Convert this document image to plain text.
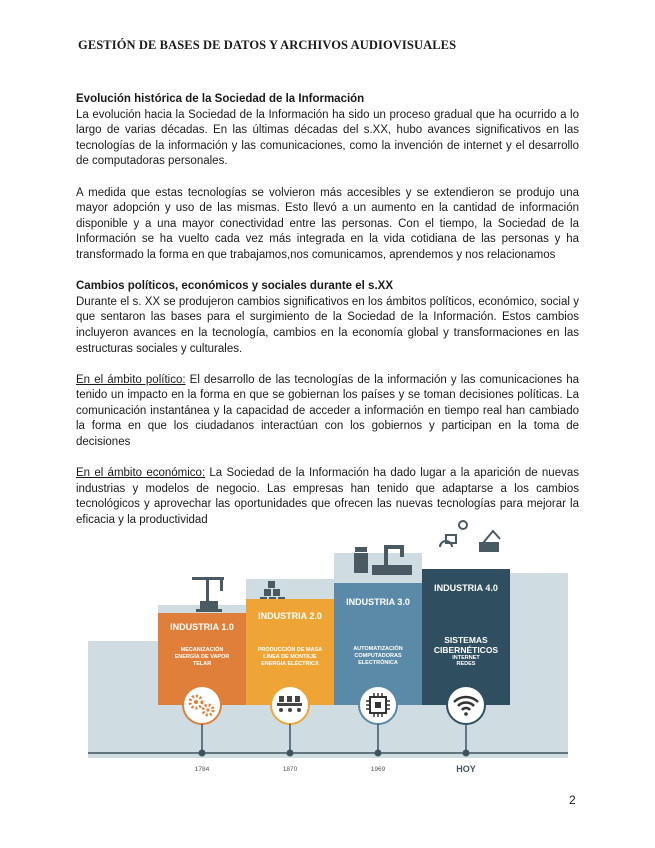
GESTIÓN DE BASES DE DATOS Y ARCHIVOS AUDIOVISUALES
Evolución histórica de la Sociedad de la Información

La evolución hacia la Sociedad de la Información ha sido un proceso gradual que ha ocurrido a lo largo de varias décadas. En las últimas décadas del s.XX, hubo avances significativos en las tecnologías de la información y las comunicaciones, como la invención de internet y el desarrollo de computadoras personales.

A medida que estas tecnologías se volvieron más accesibles y se extendieron se produjo una mayor adopción y uso de las mismas. Esto llevó a un aumento en la cantidad de información disponible y a una mayor conectividad entre las personas. Con el tiempo, la Sociedad de la Información se ha vuelto cada vez más integrada en la vida cotidiana de las personas y ha transformado la forma en que trabajamos,nos comunicamos, aprendemos y nos relacionamos

Cambios políticos, económicos y sociales durante el s.XX

Durante el s. XX se produjeron cambios significativos en los ámbitos políticos, económico, social y que sentaron las bases para el surgimiento de la Sociedad de la Información. Estos cambios incluyeron avances en la tecnología, cambios en la economía global y transformaciones en las estructuras sociales y culturales.

En el ámbito político: El desarrollo de las tecnologías de la información y las comunicaciones ha tenido un impacto en la forma en que se gobiernan los países y se toman decisiones políticas. La comunicación instantánea y la capacidad de acceder a información en tiempo real han cambiado la forma en que los ciudadanos interactúan con los gobiernos y participan en la toma de decisiones

En el ámbito económico: La Sociedad de la Información ha dado lugar a la aparición de nuevas industrias y modelos de negocio. Las empresas han tenido que adaptarse a los cambios tecnológicos y aprovechar las oportunidades que ofrecen las nuevas tecnologías para mejorar la eficacia y la productividad

INDUSTRIA 1.0
INDUSTRIA 2.0
INDUSTRIA 3.0
INDUSTRIA 4.0
MECANIZACIÓN
ENERGÍA DE VAPOR
TELAR
PRODUCCIÓN DE MASA
LÍNEA DE MONTAJE
ENERGÍA ELÉCTRICA
AUTOMATIZACIÓN
COMPUTADORAS
ELECTRÓNICA
INTERNET
REDES
SISTEMAS
CIBERNÉTICOS
1784	1870	1969	HOY
2
